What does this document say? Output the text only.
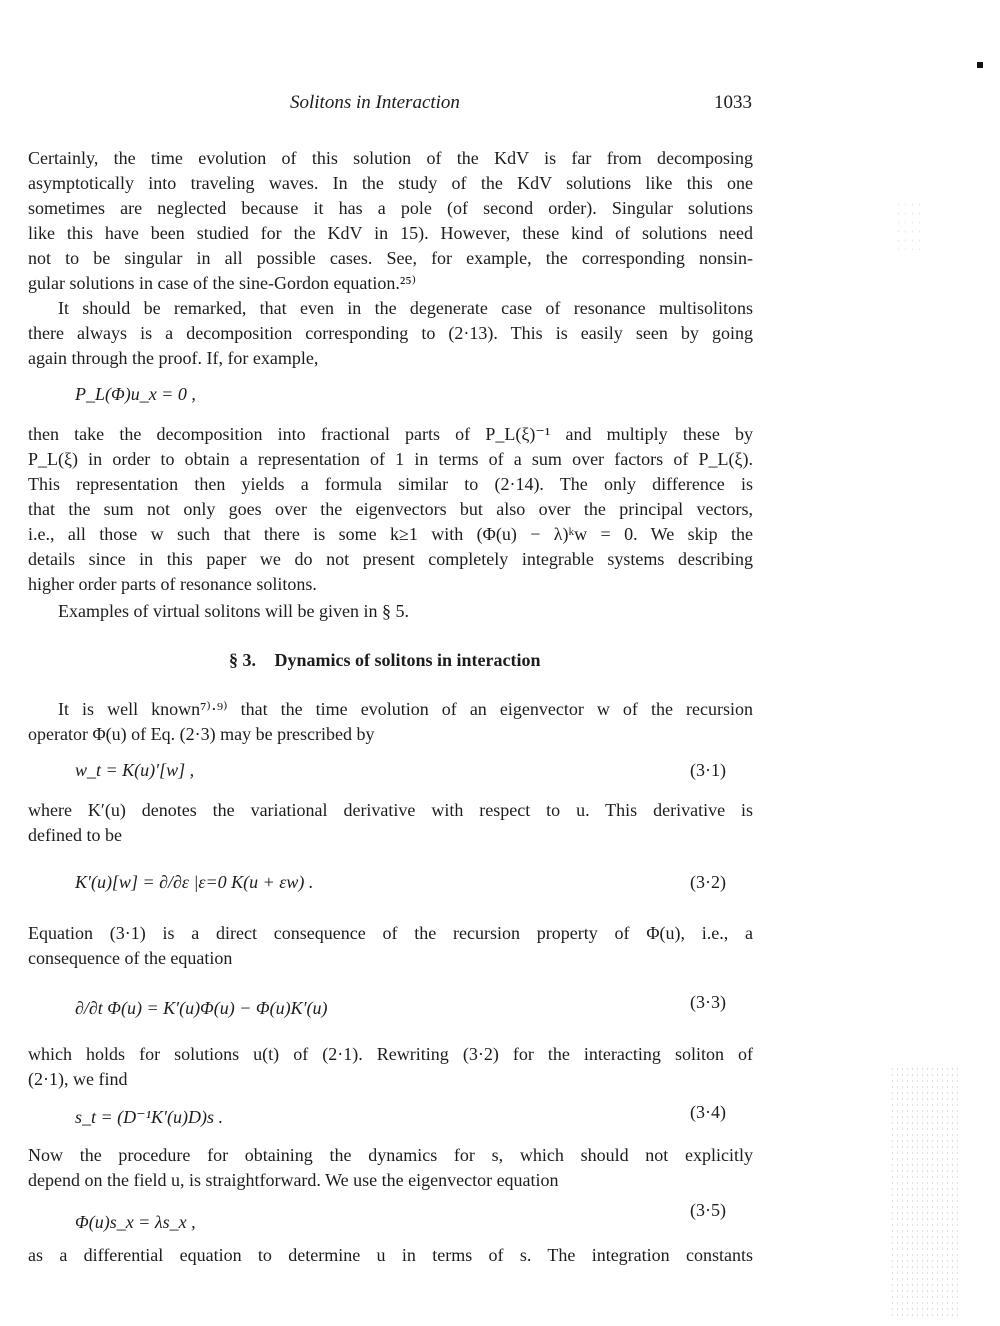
Solitons in Interaction	1033
Certainly, the time evolution of this solution of the KdV is far from decomposing
asymptotically into traveling waves. In the study of the KdV solutions like this one
sometimes are neglected because it has a pole (of second order). Singular solutions
like this have been studied for the KdV in 15). However, these kind of solutions need
not to be singular in all possible cases. See, for example, the corresponding nonsin-
gular solutions in case of the sine-Gordon equation.²⁵⁾
It should be remarked, that even in the degenerate case of resonance multisolitons
there always is a decomposition corresponding to (2·13). This is easily seen by going
again through the proof. If, for example,
P_L(Φ)u_x = 0 ,
then take the decomposition into fractional parts of P_L(ξ)⁻¹ and multiply these by
P_L(ξ) in order to obtain a representation of 1 in terms of a sum over factors of P_L(ξ).
This representation then yields a formula similar to (2·14). The only difference is
that the sum not only goes over the eigenvectors but also over the principal vectors,
i.e., all those w such that there is some k≥1 with (Φ(u) − λ)ᵏw = 0. We skip the
details since in this paper we do not present completely integrable systems describing
higher order parts of resonance solitons.
Examples of virtual solitons will be given in § 5.
§ 3. Dynamics of solitons in interaction
It is well known⁷⁾·⁹⁾ that the time evolution of an eigenvector w of the recursion
operator Φ(u) of Eq. (2·3) may be prescribed by
w_t = K(u)′[w] ,	(3·1)
where K′(u) denotes the variational derivative with respect to u. This derivative is
defined to be
K′(u)[w] = ∂/∂ε |ε=0 K(u + εw) .	(3·2)
Equation (3·1) is a direct consequence of the recursion property of Φ(u), i.e., a
consequence of the equation
∂/∂t Φ(u) = K′(u)Φ(u) − Φ(u)K′(u)	(3·3)
which holds for solutions u(t) of (2·1). Rewriting (3·2) for the interacting soliton of
(2·1), we find
s_t = (D⁻¹K′(u)D)s .	(3·4)
Now the procedure for obtaining the dynamics for s, which should not explicitly
depend on the field u, is straightforward. We use the eigenvector equation
Φ(u)s_x = λs_x ,
(3·5)
as a differential equation to determine u in terms of s. The integration constants
